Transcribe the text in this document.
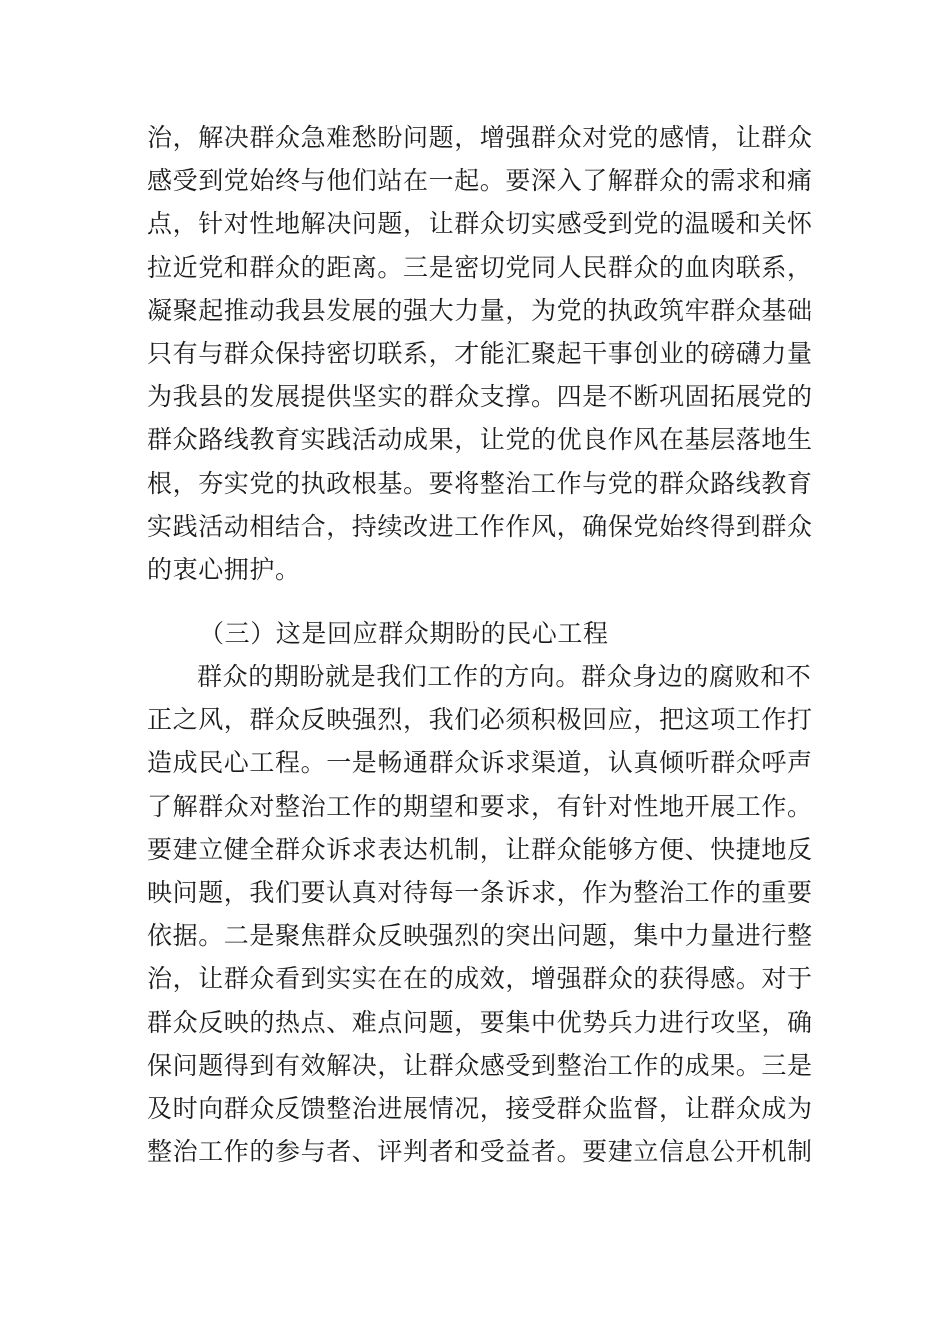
治，解决群众急难愁盼问题，增强群众对党的感情，让群众
感受到党始终与他们站在一起。要深入了解群众的需求和痛
点，针对性地解决问题，让群众切实感受到党的温暖和关怀
拉近党和群众的距离。三是密切党同人民群众的血肉联系，
凝聚起推动我县发展的强大力量，为党的执政筑牢群众基础
只有与群众保持密切联系，才能汇聚起干事创业的磅礴力量
为我县的发展提供坚实的群众支撑。四是不断巩固拓展党的
群众路线教育实践活动成果，让党的优良作风在基层落地生
根，夯实党的执政根基。要将整治工作与党的群众路线教育
实践活动相结合，持续改进工作作风，确保党始终得到群众
的衷心拥护。
（三）这是回应群众期盼的民心工程
群众的期盼就是我们工作的方向。群众身边的腐败和不
正之风，群众反映强烈，我们必须积极回应，把这项工作打
造成民心工程。一是畅通群众诉求渠道，认真倾听群众呼声
了解群众对整治工作的期望和要求，有针对性地开展工作。
要建立健全群众诉求表达机制，让群众能够方便、快捷地反
映问题，我们要认真对待每一条诉求，作为整治工作的重要
依据。二是聚焦群众反映强烈的突出问题，集中力量进行整
治，让群众看到实实在在的成效，增强群众的获得感。对于
群众反映的热点、难点问题，要集中优势兵力进行攻坚，确
保问题得到有效解决，让群众感受到整治工作的成果。三是
及时向群众反馈整治进展情况，接受群众监督，让群众成为
整治工作的参与者、评判者和受益者。要建立信息公开机制
